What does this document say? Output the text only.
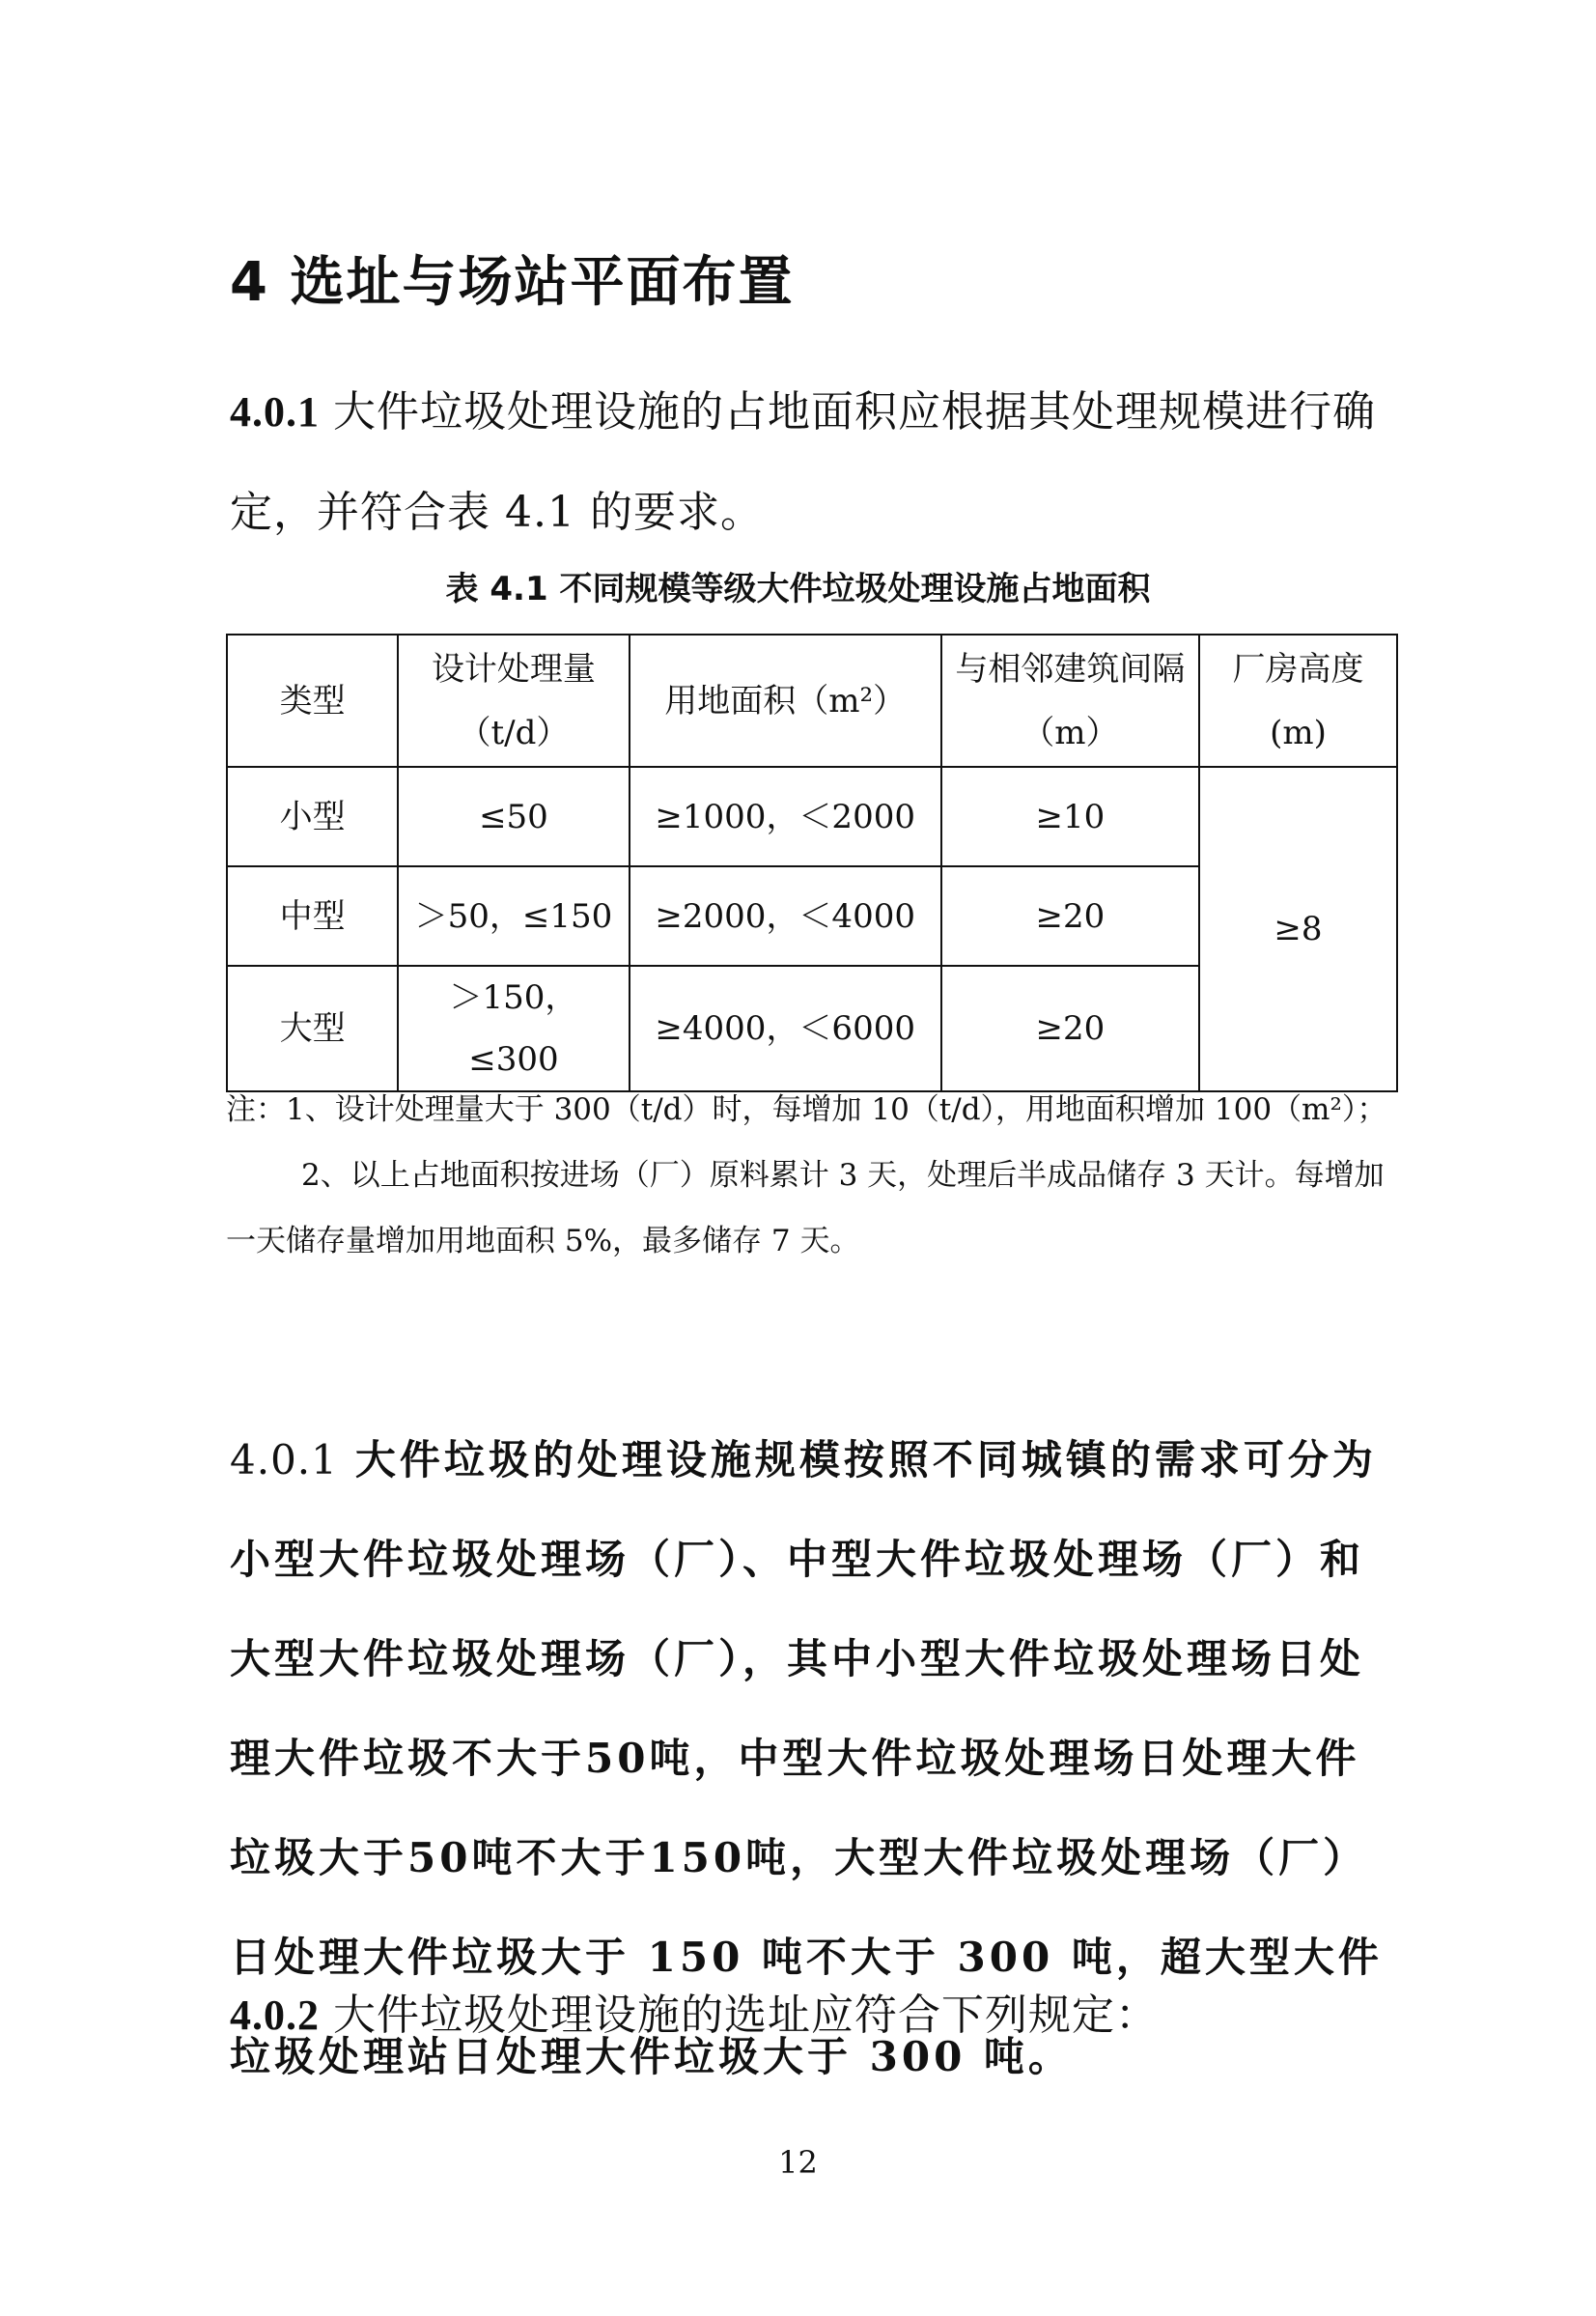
4 选址与场站平面布置
4.0.1 大件垃圾处理设施的占地面积应根据其处理规模进行确定，并符合表 4.1 的要求。
表 4.1 不同规模等级大件垃圾处理设施占地面积
类型	设计处理量（t/d）	用地面积（m²）	与相邻建筑间隔（m）	厂房高度(m)
小型	≤50	≥1000，＜2000	≥10	≥8
中型	＞50，≤150	≥2000，＜4000	≥20	
大型	＞150，≤300	≥4000，＜6000	≥20	
注：1、设计处理量大于 300（t/d）时，每增加 10（t/d），用地面积增加 100（m²）；
2、以上占地面积按进场（厂）原料累计 3 天，处理后半成品储存 3 天计。每增加一天储存量增加用地面积 5%，最多储存 7 天。
4.0.1 大件垃圾的处理设施规模按照不同城镇的需求可分为小型大件垃圾处理场（厂）、中型大件垃圾处理场（厂）和大型大件垃圾处理场（厂），其中小型大件垃圾处理场日处理大件垃圾不大于50吨，中型大件垃圾处理场日处理大件垃圾大于50吨不大于150吨，大型大件垃圾处理场（厂）日处理大件垃圾大于 150 吨不大于 300 吨，超大型大件垃圾处理站日处理大件垃圾大于 300 吨。
4.0.2 大件垃圾处理设施的选址应符合下列规定：
12
